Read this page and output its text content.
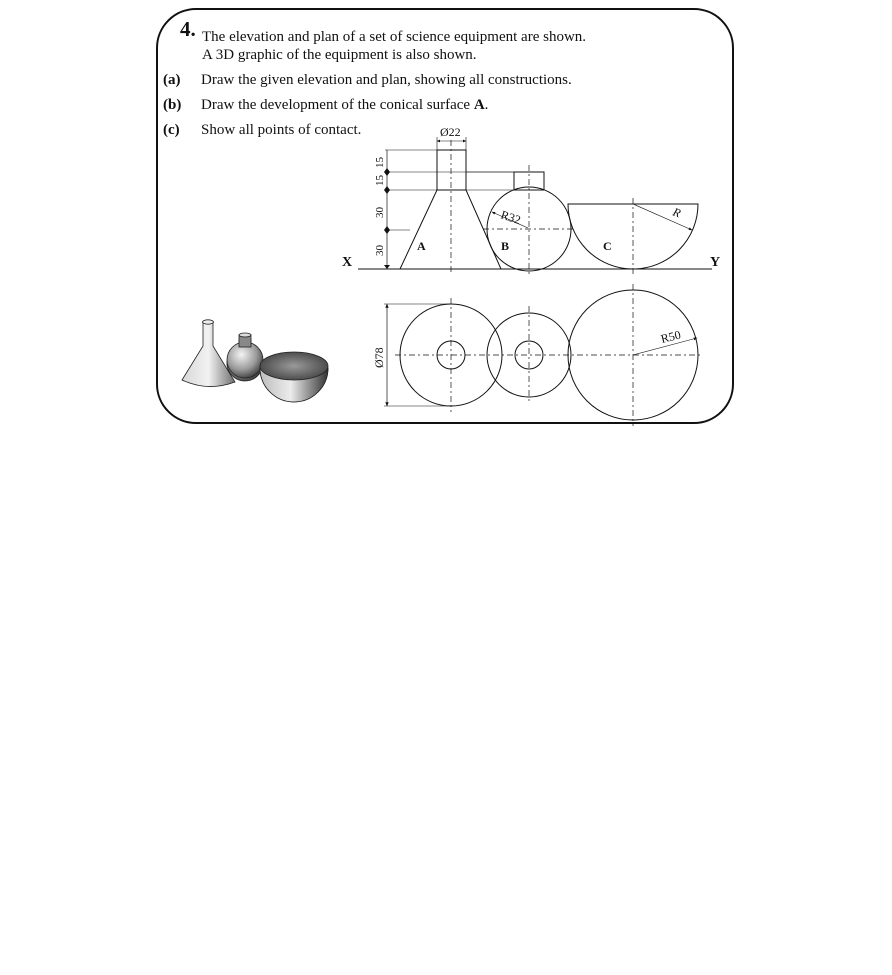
4. The elevation and plan of a set of science equipment are shown.
A 3D graphic of the equipment is also shown.
(a) Draw the given elevation and plan, showing all constructions.
(b) Draw the development of the conical surface A.
(c) Show all points of contact.
X	Y
A	B	C
Ø22
R32	R
15
15
30
30
Ø78
R50
